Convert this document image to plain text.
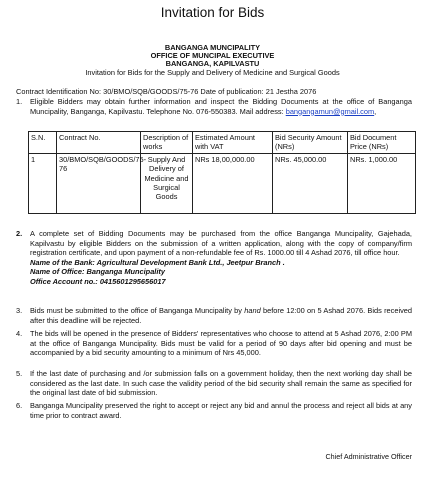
Invitation for Bids
BANGANGA MUNCIPALITY
OFFICE OF MUNCIPAL EXECUTIVE
BANGANGA, KAPILVASTU
Invitation for Bids for the Supply and Delivery of Medicine and Surgical Goods
Contract Identification No: 30/BMO/SQB/GOODS/75-76 Date of publication: 21 Jestha 2076
1.	Eligible Bidders may obtain further information and inspect the Bidding Documents at the office of Banganga Muncipality, Banganga, Kapilvastu. Telephone No. 076-550383. Mail address: bangangamun@gmail.com,
S.N.	Contract No.	Description of works	Estimated Amount with VAT	Bid Security Amount (NRs)	Bid Document Price (NRs)
1	30/BMO/SQB/GOODS/75-76	Supply And Delivery of Medicine and Surgical Goods	NRs 18,00,000.00	NRs. 45,000.00	NRs. 1,000.00
2.	A complete set of Bidding Documents may be purchased from the office Banganga Muncipality, Gajehada, Kapilvastu by eligible Bidders on the submission of a written application, along with the copy of company/firm registration certificate, and upon payment of a non-refundable fee of Rs. 1000.00 till 4 Ashad 2076, till office hour.
Name of the Bank: Agricultural Development Bank Ltd., Jeetpur Branch .
Name of Office: Banganga Muncipality
Office Account no.: 0415601295656017
3.	Bids must be submitted to the office of Banganga Muncipality by hand before 12:00 on 5 Ashad 2076. Bids received after this deadline will be rejected.
4.	The bids will be opened in the presence of Bidders' representatives who choose to attend at 5 Ashad 2076, 2:00 PM at the office of Banganga Muncipality. Bids must be valid for a period of 90 days after bid opening and must be accompanied by a bid security amounting to a minimum of Nrs 45,000.
5.	If the last date of purchasing and /or submission falls on a government holiday, then the next working day shall be considered as the last date. In such case the validity period of the bid security shall remain the same as specified for the original last date of bid submission.
6.	Banganga Muncipality preserved the right to accept or reject any bid and annul the process and reject all bids at any time prior to contract award.
Chief Administrative Officer
